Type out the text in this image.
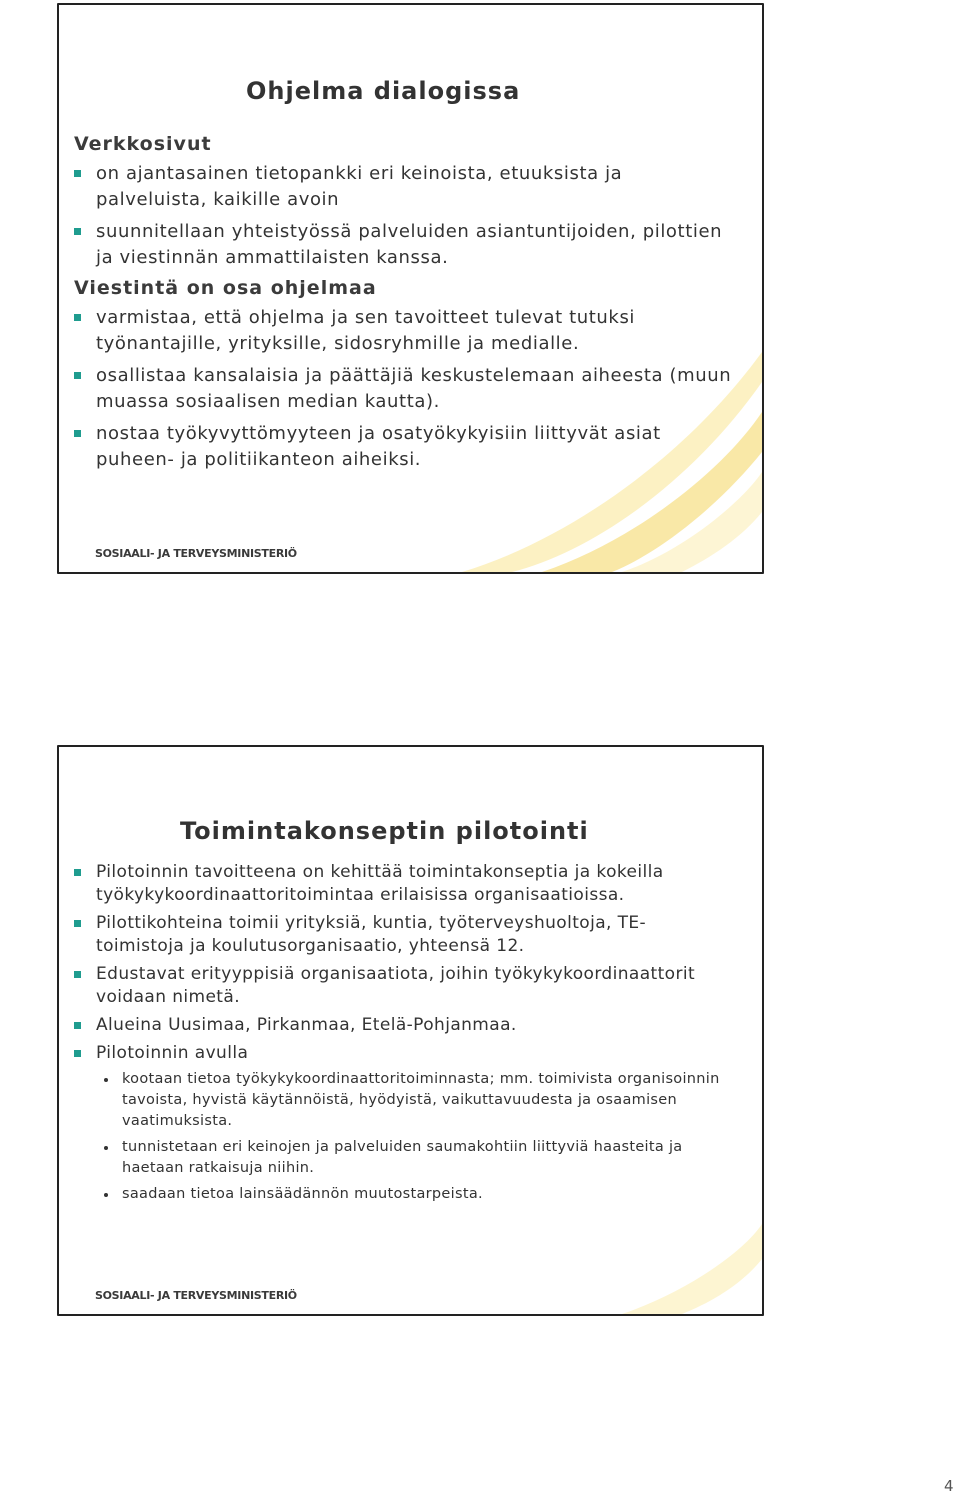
Ohjelma dialogissa
Verkkosivut
on ajantasainen tietopankki eri keinoista, etuuksista ja palveluista, kaikille avoin
suunnitellaan yhteistyössä palveluiden asiantuntijoiden, pilottien ja viestinnän ammattilaisten kanssa.
Viestintä on osa ohjelmaa
varmistaa, että ohjelma ja sen tavoitteet tulevat tutuksi työnantajille, yrityksille, sidosryhmille ja medialle.
osallistaa kansalaisia ja päättäjiä keskustelemaan aiheesta (muun muassa sosiaalisen median kautta).
nostaa työkyvyttömyyteen ja osatyökykyisiin liittyvät asiat puheen- ja politiikanteon aiheiksi.
SOSIAALI- JA TERVEYSMINISTERIÖ
Toimintakonseptin pilotointi
Pilotoinnin tavoitteena on kehittää toimintakonseptia ja kokeilla työkykykoordinaattoritoimintaa erilaisissa organisaatioissa.
Pilottikohteina toimii yrityksiä, kuntia, työterveyshuoltoja, TE-toimistoja ja koulutusorganisaatio, yhteensä 12.
Edustavat erityyppisiä organisaatiota, joihin työkykykoordinaattorit voidaan nimetä.
Alueina Uusimaa, Pirkanmaa, Etelä-Pohjanmaa.
Pilotoinnin avulla
kootaan tietoa työkykykoordinaattoritoiminnasta; mm. toimivista organisoinnin tavoista, hyvistä käytännöistä, hyödyistä, vaikuttavuudesta ja osaamisen vaatimuksista.
tunnistetaan eri keinojen ja palveluiden saumakohtiin liittyviä haasteita ja haetaan ratkaisuja niihin.
saadaan tietoa lainsäädännön muutostarpeista.
SOSIAALI- JA TERVEYSMINISTERIÖ
4
